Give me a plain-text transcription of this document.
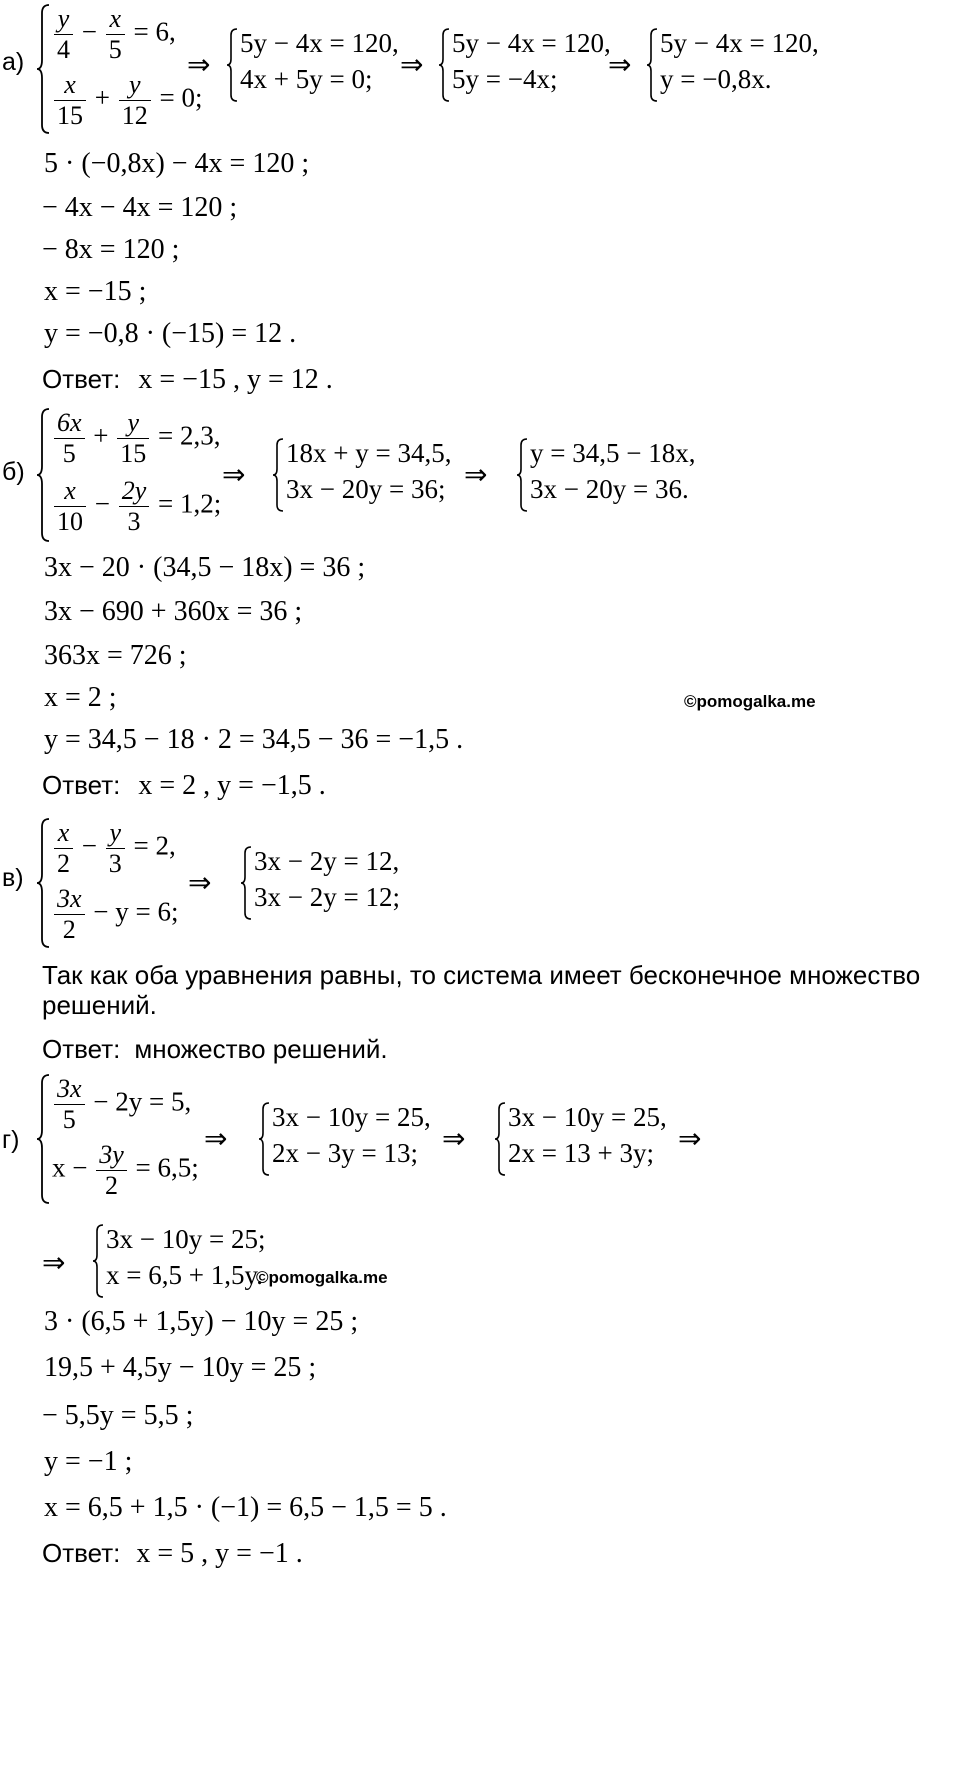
$а) \frac{y}{4} - \frac{x}{5} = 6$,
$\frac{x}{15} + \frac{y}{12} = 0$;
⇒
5y − 4x = 120,
4x + 5y = 0; ⇒
5y − 4x = 120,
5y = −4x; ⇒
5y − 4x = 120,
y = −0,8x.
5 · (−0,8x) − 4x = 120 ;
− 4x − 4x = 120 ;
− 8x = 120 ;
x = −15 ;
y = −0,8 · (−15) = 12 .
Ответ: x = −15 , y = 12 .
б)
$\frac{6x}{5} + \frac{y}{15} = 2,3$,
$\frac{x}{10} - \frac{2y}{3} = 1,2$;
⇒
18x + y = 34,5,
3x − 20y = 36; ⇒
y = 34,5 − 18x,
3x − 20y = 36.
3x − 20 · (34,5 − 18x) = 36 ;
3x − 690 + 360x = 36 ;
363x = 726 ;
x = 2 ;
y = 34,5 − 18 · 2 = 34,5 − 36 = −1,5 .
Ответ: x = 2 , y = −1,5 .
©pomogalka.me
$в) \frac{x}{2} - \frac{y}{3} = 2$,
$\frac{3x}{2} - y = 6$;
⇒
3x − 2y = 12,
3x − 2y = 12;
Так как оба уравнения равны, то система имеет бесконечное множество
решений.
Ответ: множество решений.
г)
$\frac{3x}{5} - 2y = 5$,
$x - \frac{3y}{2} = 6,5$;
⇒
3x − 10y = 25,
2x − 3y = 13; ⇒
3x − 10y = 25,
2x = 13 + 3y; ⇒
⇒
3x − 10y = 25;
x = 6,5 + 1,5y.
©pomogalka.me
3 · (6,5 + 1,5y) − 10y = 25 ;
19,5 + 4,5y − 10y = 25 ;
− 5,5y = 5,5 ;
y = −1 ;
x = 6,5 + 1,5 · (−1) = 6,5 − 1,5 = 5 .
Ответ: x = 5 , y = −1 .
